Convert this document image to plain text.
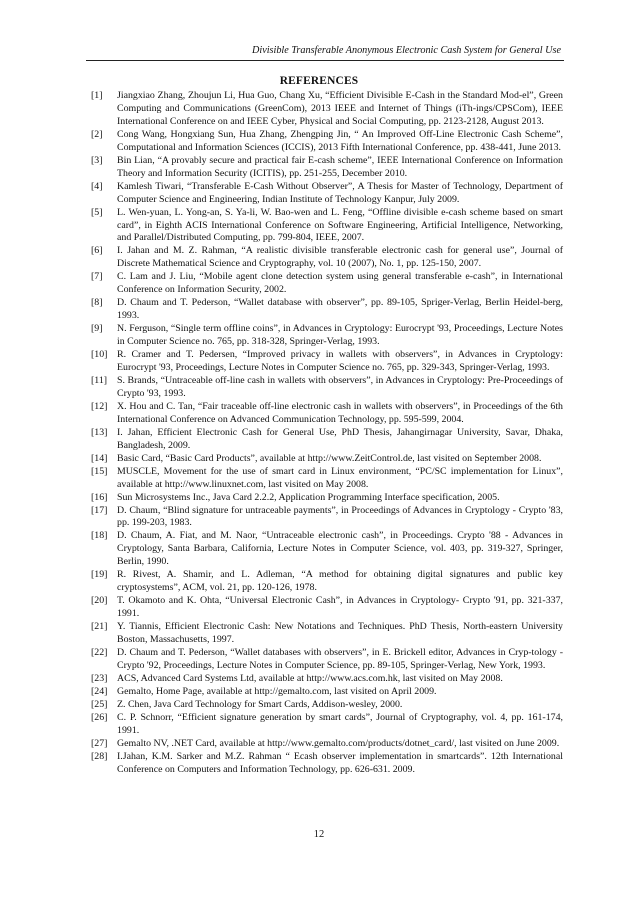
Divisible Transferable Anonymous Electronic Cash System for General Use
REFERENCES
[1] Jiangxiao Zhang, Zhoujun Li, Hua Guo, Chang Xu, “Efficient Divisible E-Cash in the Standard Mod-el”, Green Computing and Communications (GreenCom), 2013 IEEE and Internet of Things (iTh-ings/CPSCom), IEEE International Conference on and IEEE Cyber, Physical and Social Computing, pp. 2123-2128, August 2013.
[2] Cong Wang, Hongxiang Sun, Hua Zhang, Zhengping Jin, “ An Improved Off-Line Electronic Cash Scheme”, Computational and Information Sciences (ICCIS), 2013 Fifth International Conference, pp. 438-441, June 2013.
[3] Bin Lian, “A provably secure and practical fair E-cash scheme”, IEEE International Conference on Information Theory and Information Security (ICITIS), pp. 251-255, December 2010.
[4] Kamlesh Tiwari, “Transferable E-Cash Without Observer”, A Thesis for Master of Technology, Department of Computer Science and Engineering, Indian Institute of Technology Kanpur, July 2009.
[5] L. Wen-yuan, L. Yong-an, S. Ya-li, W. Bao-wen and L. Feng, “Offline divisible e-cash scheme based on smart card”, in Eighth ACIS International Conference on Software Engineering, Artificial Intelligence, Networking, and Parallel/Distributed Computing, pp. 799-804, IEEE, 2007.
[6] I. Jahan and M. Z. Rahman, “A realistic divisible transferable electronic cash for general use”, Journal of Discrete Mathematical Science and Cryptography, vol. 10 (2007), No. 1, pp. 125-150, 2007.
[7] C. Lam and J. Liu, “Mobile agent clone detection system using general transferable e-cash”, in International Conference on Information Security, 2002.
[8] D. Chaum and T. Pederson, “Wallet database with observer”, pp. 89-105, Spriger-Verlag, Berlin Heidel-berg, 1993.
[9] N. Ferguson, “Single term offline coins”, in Advances in Cryptology: Eurocrypt '93, Proceedings, Lecture Notes in Computer Science no. 765, pp. 318-328, Springer-Verlag, 1993.
[10] R. Cramer and T. Pedersen, “Improved privacy in wallets with observers”, in Advances in Cryptology: Eurocrypt '93, Proceedings, Lecture Notes in Computer Science no. 765, pp. 329-343, Springer-Verlag, 1993.
[11] S. Brands, “Untraceable off-line cash in wallets with observers”, in Advances in Cryptology: Pre-Proceedings of Crypto '93, 1993.
[12] X. Hou and C. Tan, “Fair traceable off-line electronic cash in wallets with observers”, in Proceedings of the 6th International Conference on Advanced Communication Technology, pp. 595-599, 2004.
[13] I. Jahan, Efficient Electronic Cash for General Use, PhD Thesis, Jahangirnagar University, Savar, Dhaka, Bangladesh, 2009.
[14] Basic Card, “Basic Card Products”, available at http://www.ZeitControl.de, last visited on September 2008.
[15] MUSCLE, Movement for the use of smart card in Linux environment, “PC/SC implementation for Linux”, available at http://www.linuxnet.com, last visited on May 2008.
[16] Sun Microsystems Inc., Java Card 2.2.2, Application Programming Interface specification, 2005.
[17] D. Chaum, “Blind signature for untraceable payments”, in Proceedings of Advances in Cryptology - Crypto '83, pp. 199-203, 1983.
[18] D. Chaum, A. Fiat, and M. Naor, “Untraceable electronic cash”, in Proceedings. Crypto '88 - Advances in Cryptology, Santa Barbara, California, Lecture Notes in Computer Science, vol. 403, pp. 319-327, Springer, Berlin, 1990.
[19] R. Rivest, A. Shamir, and L. Adleman, “A method for obtaining digital signatures and public key cryptosystems”, ACM, vol. 21, pp. 120-126, 1978.
[20] T. Okamoto and K. Ohta, “Universal Electronic Cash”, in Advances in Cryptology- Crypto '91, pp. 321-337, 1991.
[21] Y. Tiannis, Efficient Electronic Cash: New Notations and Techniques. PhD Thesis, North-eastern University Boston, Massachusetts, 1997.
[22] D. Chaum and T. Pederson, “Wallet databases with observers”, in E. Brickell editor, Advances in Cryp-tology - Crypto '92, Proceedings, Lecture Notes in Computer Science, pp. 89-105, Springer-Verlag, New York, 1993.
[23] ACS, Advanced Card Systems Ltd, available at http://www.acs.com.hk, last visited on May 2008.
[24] Gemalto, Home Page, available at http://gemalto.com, last visited on April 2009.
[25] Z. Chen, Java Card Technology for Smart Cards, Addison-wesley, 2000.
[26] C. P. Schnorr, “Efficient signature generation by smart cards”, Journal of Cryptography, vol. 4, pp. 161-174, 1991.
[27] Gemalto NV, .NET Card, available at http://www.gemalto.com/products/dotnet_card/, last visited on June 2009.
[28] I.Jahan, K.M. Sarker and M.Z. Rahman “ Ecash observer implementation in smartcards”. 12th International Conference on Computers and Information Technology, pp. 626-631. 2009.
12
